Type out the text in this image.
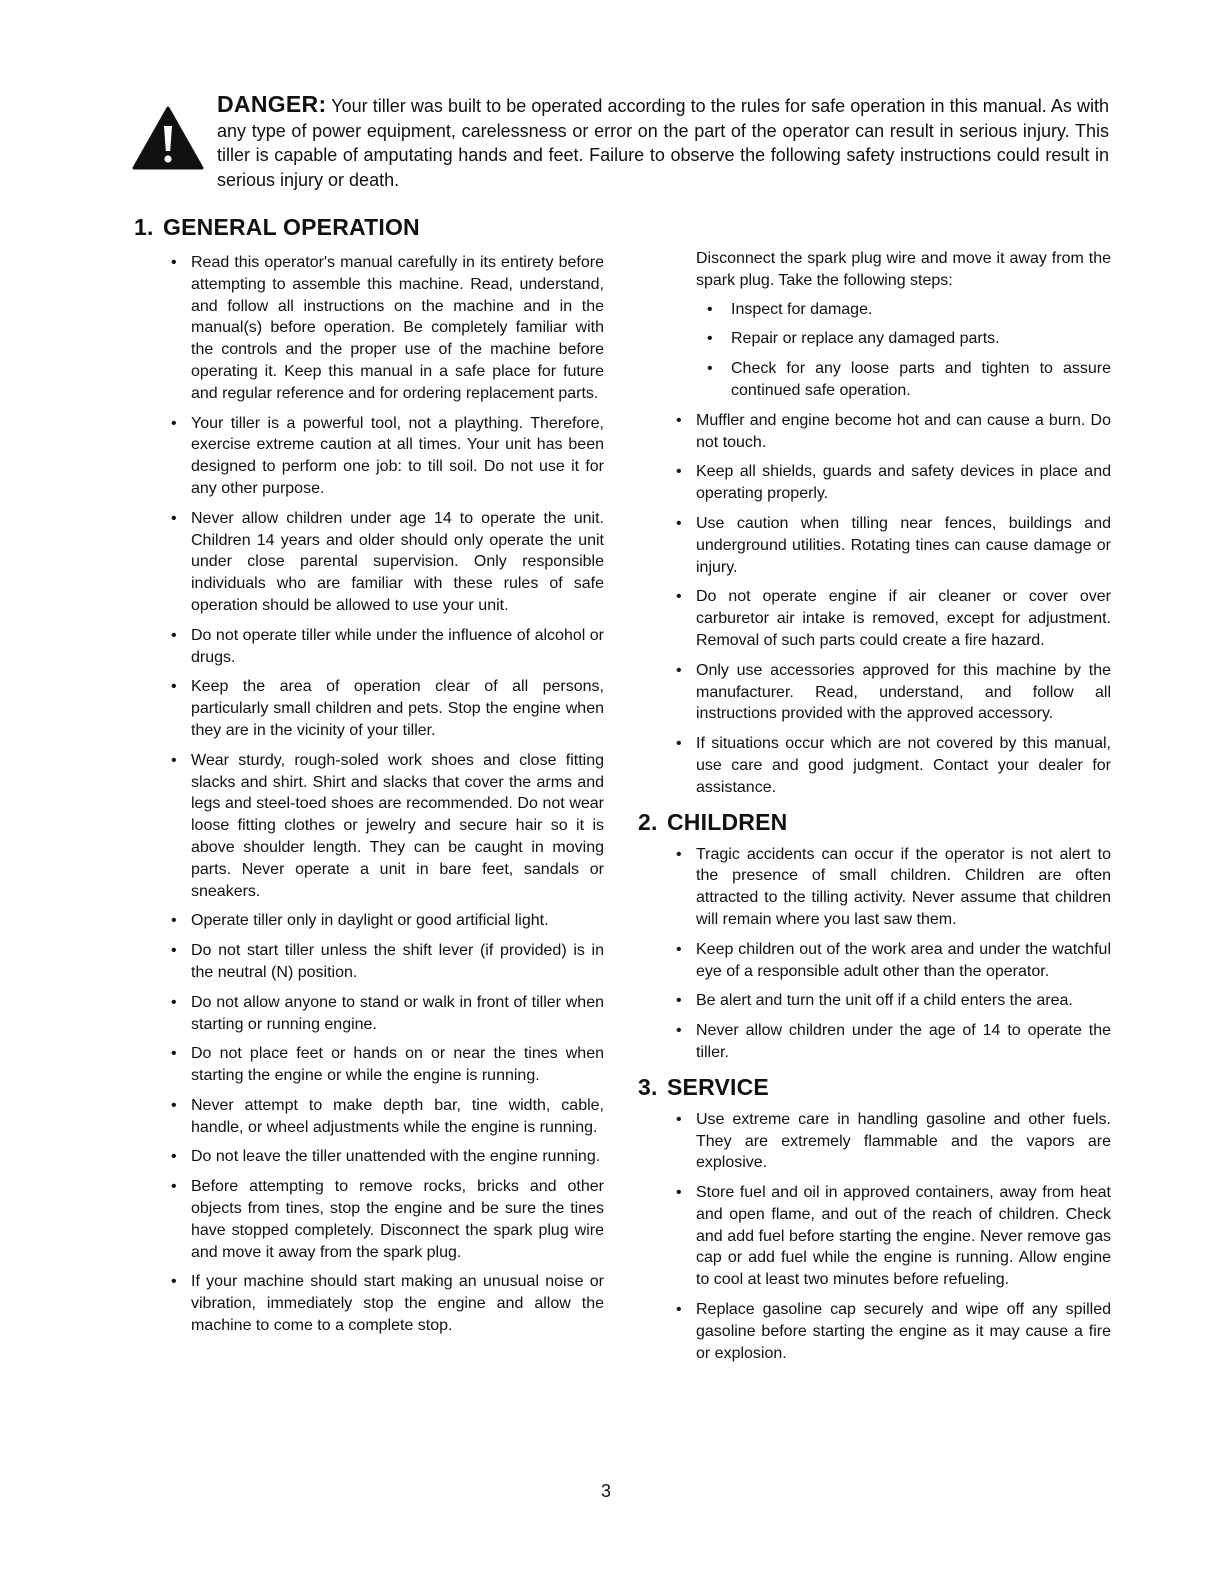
DANGER: Your tiller was built to be operated according to the rules for safe operation in this manual. As with any type of power equipment, carelessness or error on the part of the operator can result in serious injury. This tiller is capable of amputating hands and feet. Failure to observe the following safety instructions could result in serious injury or death.
1. GENERAL OPERATION
• Read this operator's manual carefully in its entirety before attempting to assemble this machine. Read, understand, and follow all instructions on the machine and in the manual(s) before operation. Be completely familiar with the controls and the proper use of the machine before operating it. Keep this manual in a safe place for future and regular reference and for ordering replacement parts.
• Your tiller is a powerful tool, not a plaything. Therefore, exercise extreme caution at all times. Your unit has been designed to perform one job: to till soil. Do not use it for any other purpose.
• Never allow children under age 14 to operate the unit. Children 14 years and older should only operate the unit under close parental supervision. Only responsible individuals who are familiar with these rules of safe operation should be allowed to use your unit.
• Do not operate tiller while under the influence of alcohol or drugs.
• Keep the area of operation clear of all persons, particularly small children and pets. Stop the engine when they are in the vicinity of your tiller.
• Wear sturdy, rough-soled work shoes and close fitting slacks and shirt. Shirt and slacks that cover the arms and legs and steel-toed shoes are recommended. Do not wear loose fitting clothes or jewelry and secure hair so it is above shoulder length. They can be caught in moving parts. Never operate a unit in bare feet, sandals or sneakers.
• Operate tiller only in daylight or good artificial light.
• Do not start tiller unless the shift lever (if provided) is in the neutral (N) position.
• Do not allow anyone to stand or walk in front of tiller when starting or running engine.
• Do not place feet or hands on or near the tines when starting the engine or while the engine is running.
• Never attempt to make depth bar, tine width, cable, handle, or wheel adjustments while the engine is running.
• Do not leave the tiller unattended with the engine running.
• Before attempting to remove rocks, bricks and other objects from tines, stop the engine and be sure the tines have stopped completely. Disconnect the spark plug wire and move it away from the spark plug.
• If your machine should start making an unusual noise or vibration, immediately stop the engine and allow the machine to come to a complete stop.

Disconnect the spark plug wire and move it away from the spark plug. Take the following steps:

• Inspect for damage.
• Repair or replace any damaged parts.
• Check for any loose parts and tighten to assure continued safe operation.
• Muffler and engine become hot and can cause a burn. Do not touch.
• Keep all shields, guards and safety devices in place and operating properly.
• Use caution when tilling near fences, buildings and underground utilities. Rotating tines can cause damage or injury.
• Do not operate engine if air cleaner or cover over carburetor air intake is removed, except for adjustment. Removal of such parts could create a fire hazard.
• Only use accessories approved for this machine by the manufacturer. Read, understand, and follow all instructions provided with the approved accessory.
• If situations occur which are not covered by this manual, use care and good judgment. Contact your dealer for assistance.
2. CHILDREN
• Tragic accidents can occur if the operator is not alert to the presence of small children. Children are often attracted to the tilling activity. Never assume that children will remain where you last saw them.
• Keep children out of the work area and under the watchful eye of a responsible adult other than the operator.
• Be alert and turn the unit off if a child enters the area.
• Never allow children under the age of 14 to operate the tiller.
3. SERVICE
• Use extreme care in handling gasoline and other fuels. They are extremely flammable and the vapors are explosive.
• Store fuel and oil in approved containers, away from heat and open flame, and out of the reach of children. Check and add fuel before starting the engine. Never remove gas cap or add fuel while the engine is running. Allow engine to cool at least two minutes before refueling.
• Replace gasoline cap securely and wipe off any spilled gasoline before starting the engine as it may cause a fire or explosion.
3
